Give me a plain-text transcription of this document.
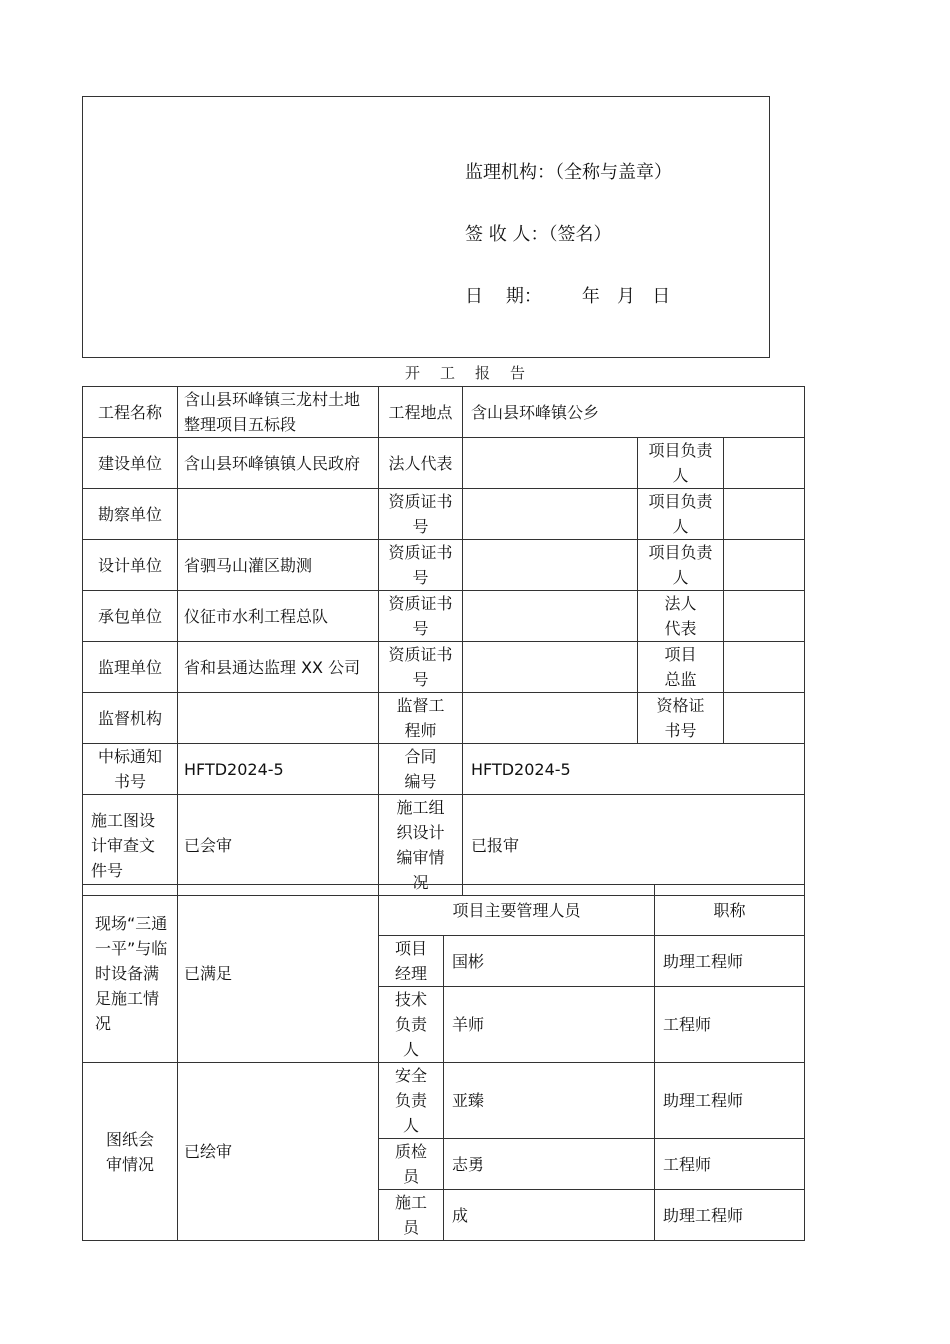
监理机构：（全称与盖章）
签 收 人：（签名）
日    期： 年   月   日
开工报告
工程名称	含山县环峰镇三龙村土地整理项目五标段	工程地点	含山县环峰镇公乡		
建设单位	含山县环峰镇镇人民政府	法人代表		项目负责人	
勘察单位		资质证书号		项目负责人	
设计单位	省驷马山灌区勘测	资质证书号		项目负责人	
承包单位	仪征市水利工程总队	资质证书号		法人代表	
监理单位	省和县通达监理 XX 公司	资质证书号		项目总监	
监督机构		监督工程师		资格证书号	
中标通知书号	HFTD2024-5	合同编号	HFTD2024-5		
施工图设计审查文件号	已会审	施工组织设计编审情况	已报审		
现场“三通一平”与临时设备满足施工情况	已满足	项目主要管理人员		职称
		项目经理	国彬	助理工程师
		技术负责人	羊师	工程师
图纸会审情况	已绘审	安全负责人	亚臻	助理工程师
		质检员	志勇	工程师
		施工员	成	助理工程师
